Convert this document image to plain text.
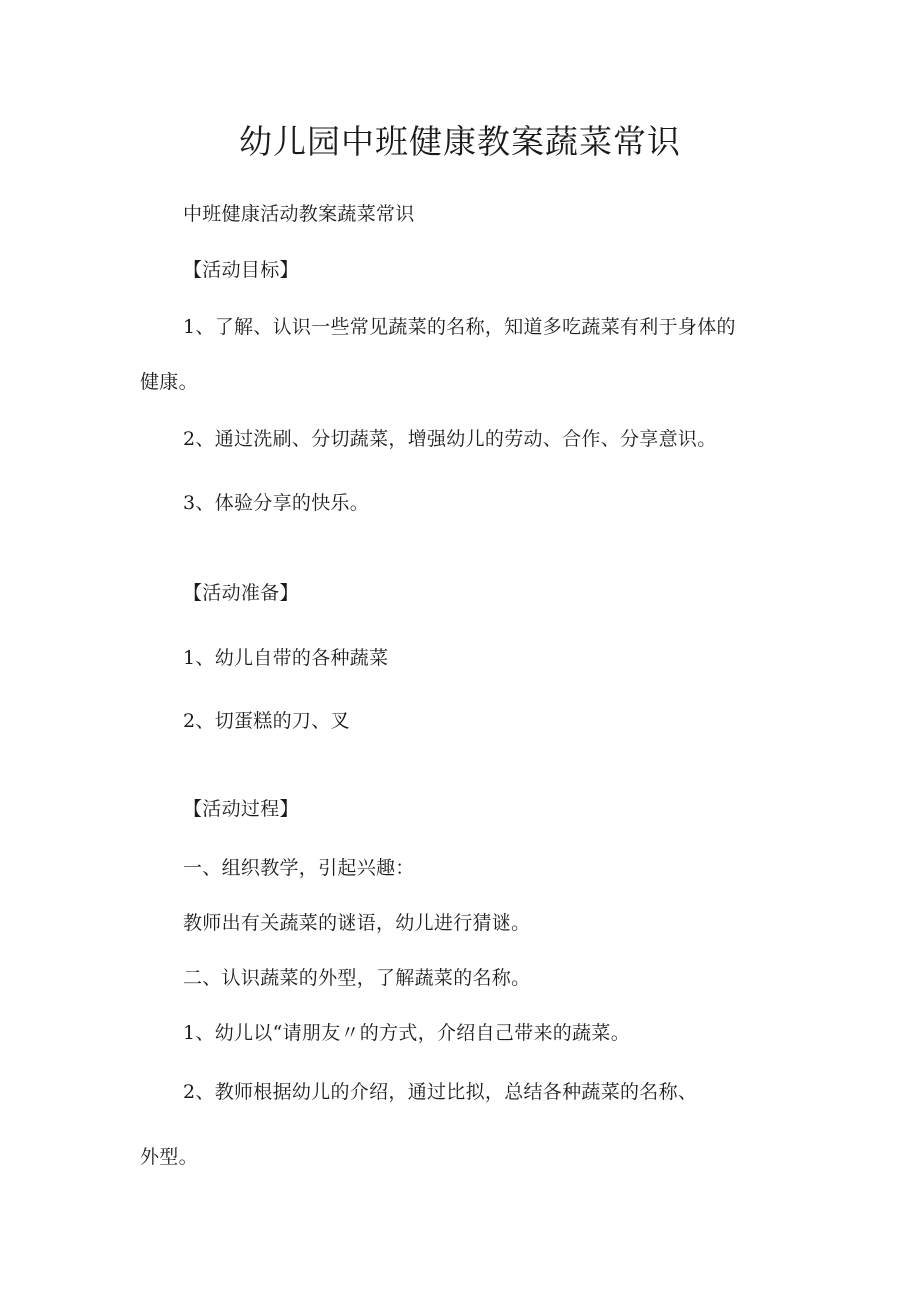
幼儿园中班健康教案蔬菜常识
中班健康活动教案蔬菜常识
【活动目标】
1、了解、认识一些常见蔬菜的名称，知道多吃蔬菜有利于身体的
健康。
2、通过洗刷、分切蔬菜，增强幼儿的劳动、合作、分享意识。
3、体验分享的快乐。
【活动准备】
1、幼儿自带的各种蔬菜
2、切蛋糕的刀、叉
【活动过程】
一、组织教学，引起兴趣：
教师出有关蔬菜的谜语，幼儿进行猜谜。
二、认识蔬菜的外型，了解蔬菜的名称。
1、幼儿以“请朋友〃的方式，介绍自己带来的蔬菜。
2、教师根据幼儿的介绍，通过比拟，总结各种蔬菜的名称、
外型。
